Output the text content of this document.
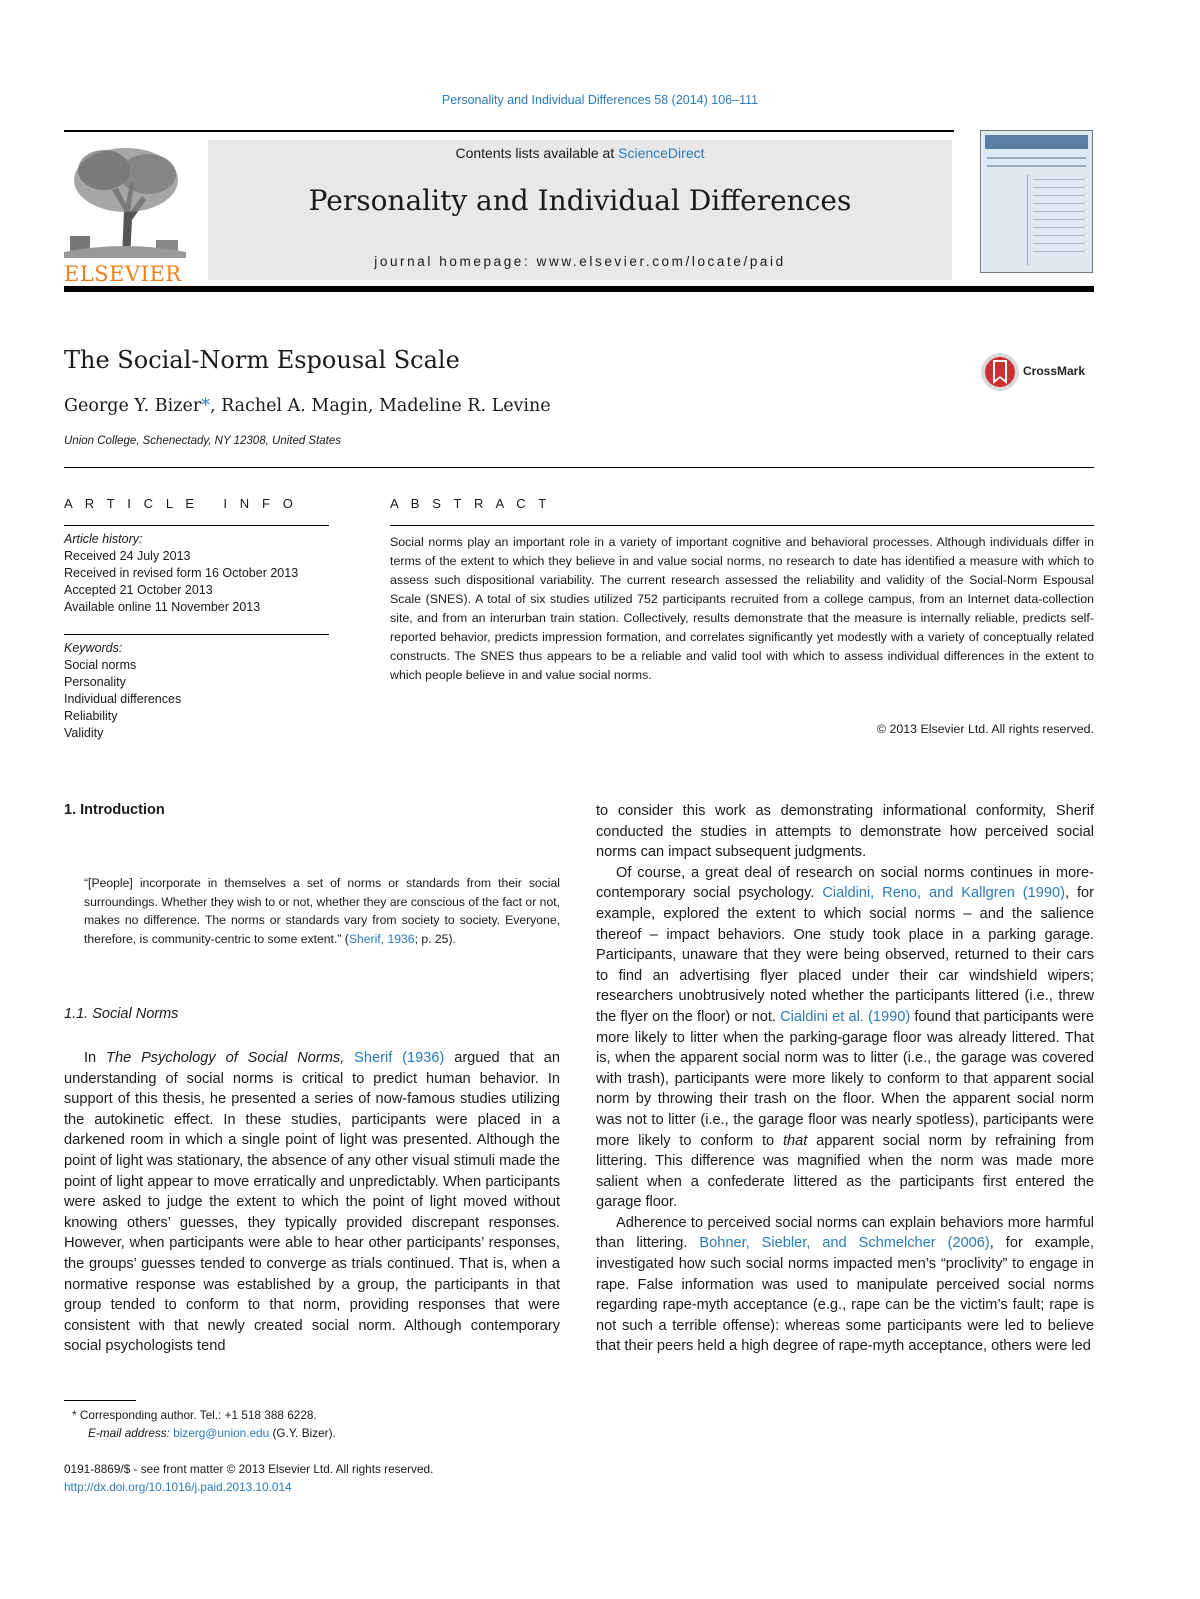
Personality and Individual Differences 58 (2014) 106–111
ELSEVIER
Contents lists available at ScienceDirect
Personality and Individual Differences
journal homepage: www.elsevier.com/locate/paid
The Social-Norm Espousal Scale	CrossMark
George Y. Bizer*, Rachel A. Magin, Madeline R. Levine
Union College, Schenectady, NY 12308, United States
A R T I C L E   I N F O
Article history:
Received 24 July 2013
Received in revised form 16 October 2013
Accepted 21 October 2013
Available online 11 November 2013
Keywords:
Social norms
Personality
Individual differences
Reliability
Validity
A B S T R A C T
Social norms play an important role in a variety of important cognitive and behavioral processes. Although individuals differ in terms of the extent to which they believe in and value social norms, no research to date has identified a measure with which to assess such dispositional variability. The current research assessed the reliability and validity of the Social-Norm Espousal Scale (SNES). A total of six studies utilized 752 participants recruited from a college campus, from an Internet data-collection site, and from an interurban train station. Collectively, results demonstrate that the measure is internally reliable, predicts self-reported behavior, predicts impression formation, and correlates significantly yet modestly with a variety of conceptually related constructs. The SNES thus appears to be a reliable and valid tool with which to assess individual differences in the extent to which people believe in and value social norms.
© 2013 Elsevier Ltd. All rights reserved.
1. Introduction
“[People] incorporate in themselves a set of norms or standards from their social surroundings. Whether they wish to or not, whether they are conscious of the fact or not, makes no difference. The norms or standards vary from society to society. Everyone, therefore, is community-centric to some extent.” (Sherif, 1936; p. 25).
1.1. Social Norms

In The Psychology of Social Norms, Sherif (1936) argued that an understanding of social norms is critical to predict human behavior. In support of this thesis, he presented a series of now-famous studies utilizing the autokinetic effect. In these studies, participants were placed in a darkened room in which a single point of light was presented. Although the point of light was stationary, the absence of any other visual stimuli made the point of light appear to move erratically and unpredictably. When participants were asked to judge the extent to which the point of light moved without knowing others’ guesses, they typically provided discrepant responses. However, when participants were able to hear other participants’ responses, the groups’ guesses tended to converge as trials continued. That is, when a normative response was established by a group, the participants in that group tended to conform to that norm, providing responses that were consistent with that newly created social norm. Although contemporary social psychologists tend

* Corresponding author. Tel.: +1 518 388 6228.
E-mail address: bizerg@union.edu (G.Y. Bizer).
0191-8869/$ - see front matter © 2013 Elsevier Ltd. All rights reserved.
http://dx.doi.org/10.1016/j.paid.2013.10.014

to consider this work as demonstrating informational conformity, Sherif conducted the studies in attempts to demonstrate how perceived social norms can impact subsequent judgments.

Of course, a great deal of research on social norms continues in more-contemporary social psychology. Cialdini, Reno, and Kallgren (1990), for example, explored the extent to which social norms – and the salience thereof – impact behaviors. One study took place in a parking garage. Participants, unaware that they were being observed, returned to their cars to find an advertising flyer placed under their car windshield wipers; researchers unobtrusively noted whether the participants littered (i.e., threw the flyer on the floor) or not. Cialdini et al. (1990) found that participants were more likely to litter when the parking-garage floor was already littered. That is, when the apparent social norm was to litter (i.e., the garage was covered with trash), participants were more likely to conform to that apparent social norm by throwing their trash on the floor. When the apparent social norm was not to litter (i.e., the garage floor was nearly spotless), participants were more likely to conform to that apparent social norm by refraining from littering. This difference was magnified when the norm was made more salient when a confederate littered as the participants first entered the garage floor.

Adherence to perceived social norms can explain behaviors more harmful than littering. Bohner, Siebler, and Schmelcher (2006), for example, investigated how such social norms impacted men’s “proclivity” to engage in rape. False information was used to manipulate perceived social norms regarding rape-myth acceptance (e.g., rape can be the victim’s fault; rape is not such a terrible offense): whereas some participants were led to believe that their peers held a high degree of rape-myth acceptance, others were led
